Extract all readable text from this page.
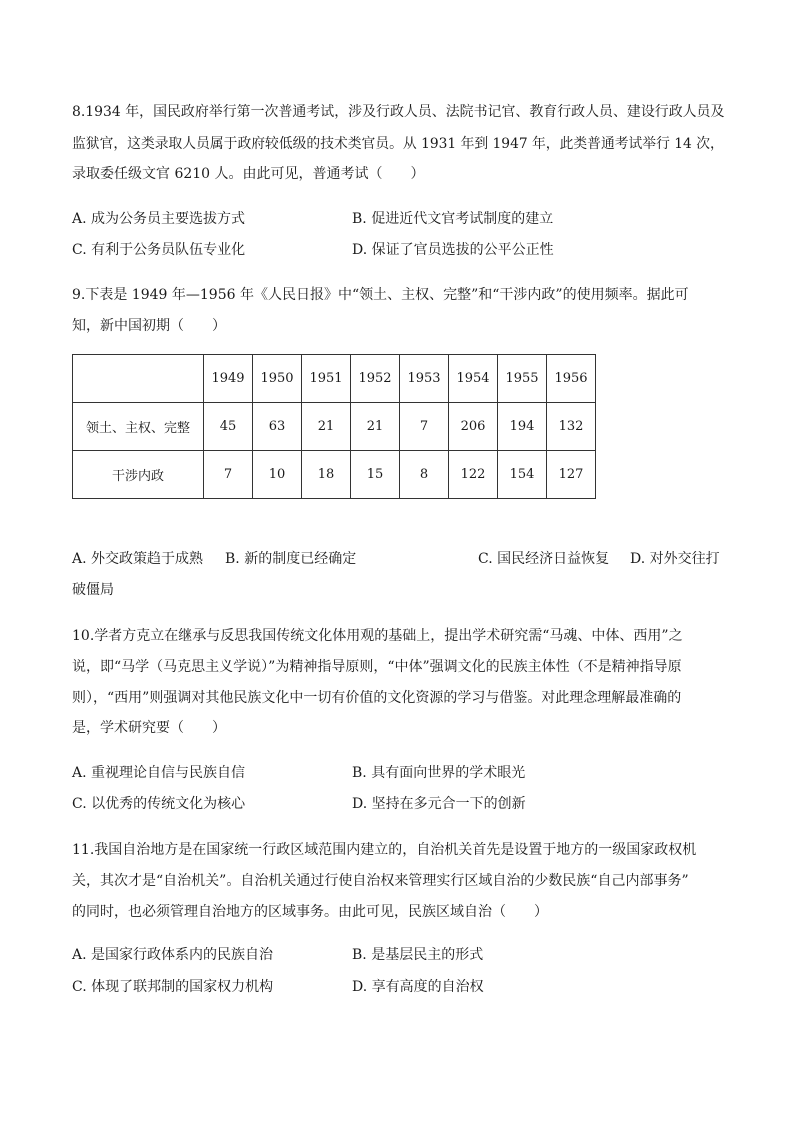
8.1934 年，国民政府举行第一次普通考试，涉及行政人员、法院书记官、教育行政人员、建设行政人员及
监狱官，这类录取人员属于政府较低级的技术类官员。从 1931 年到 1947 年，此类普通考试举行 14 次，
录取委任级文官 6210 人。由此可见，普通考试（　　）
A. 成为公务员主要选拔方式	B. 促进近代文官考试制度的建立
C. 有利于公务员队伍专业化	D. 保证了官员选拔的公平公正性
9.下表是 1949 年—1956 年《人民日报》中“领土、主权、完整”和“干涉内政”的使用频率。据此可
知，新中国初期（　　）
	1949	1950	1951	1952	1953	1954	1955	1956
领土、主权、完整	45	63	21	21	7	206	194	132
干涉内政	7	10	18	15	8	122	154	127
A. 外交政策趋于成熟 B. 新的制度已经确定	C. 国民经济日益恢复 D. 对外交往打
破僵局
10.学者方克立在继承与反思我国传统文化体用观的基础上，提出学术研究需“马魂、中体、西用”之
说，即“马学（马克思主义学说）”为精神指导原则，“中体”强调文化的民族主体性（不是精神指导原
则），“西用”则强调对其他民族文化中一切有价值的文化资源的学习与借鉴。对此理念理解最准确的
是，学术研究要（　　）
A. 重视理论自信与民族自信	B. 具有面向世界的学术眼光
C. 以优秀的传统文化为核心	D. 坚持在多元合一下的创新
11.我国自治地方是在国家统一行政区域范围内建立的，自治机关首先是设置于地方的一级国家政权机
关，其次才是“自治机关”。自治机关通过行使自治权来管理实行区域自治的少数民族“自己内部事务”
的同时，也必须管理自治地方的区域事务。由此可见，民族区域自治（　　）
A. 是国家行政体系内的民族自治	B. 是基层民主的形式
C. 体现了联邦制的国家权力机构	D. 享有高度的自治权
